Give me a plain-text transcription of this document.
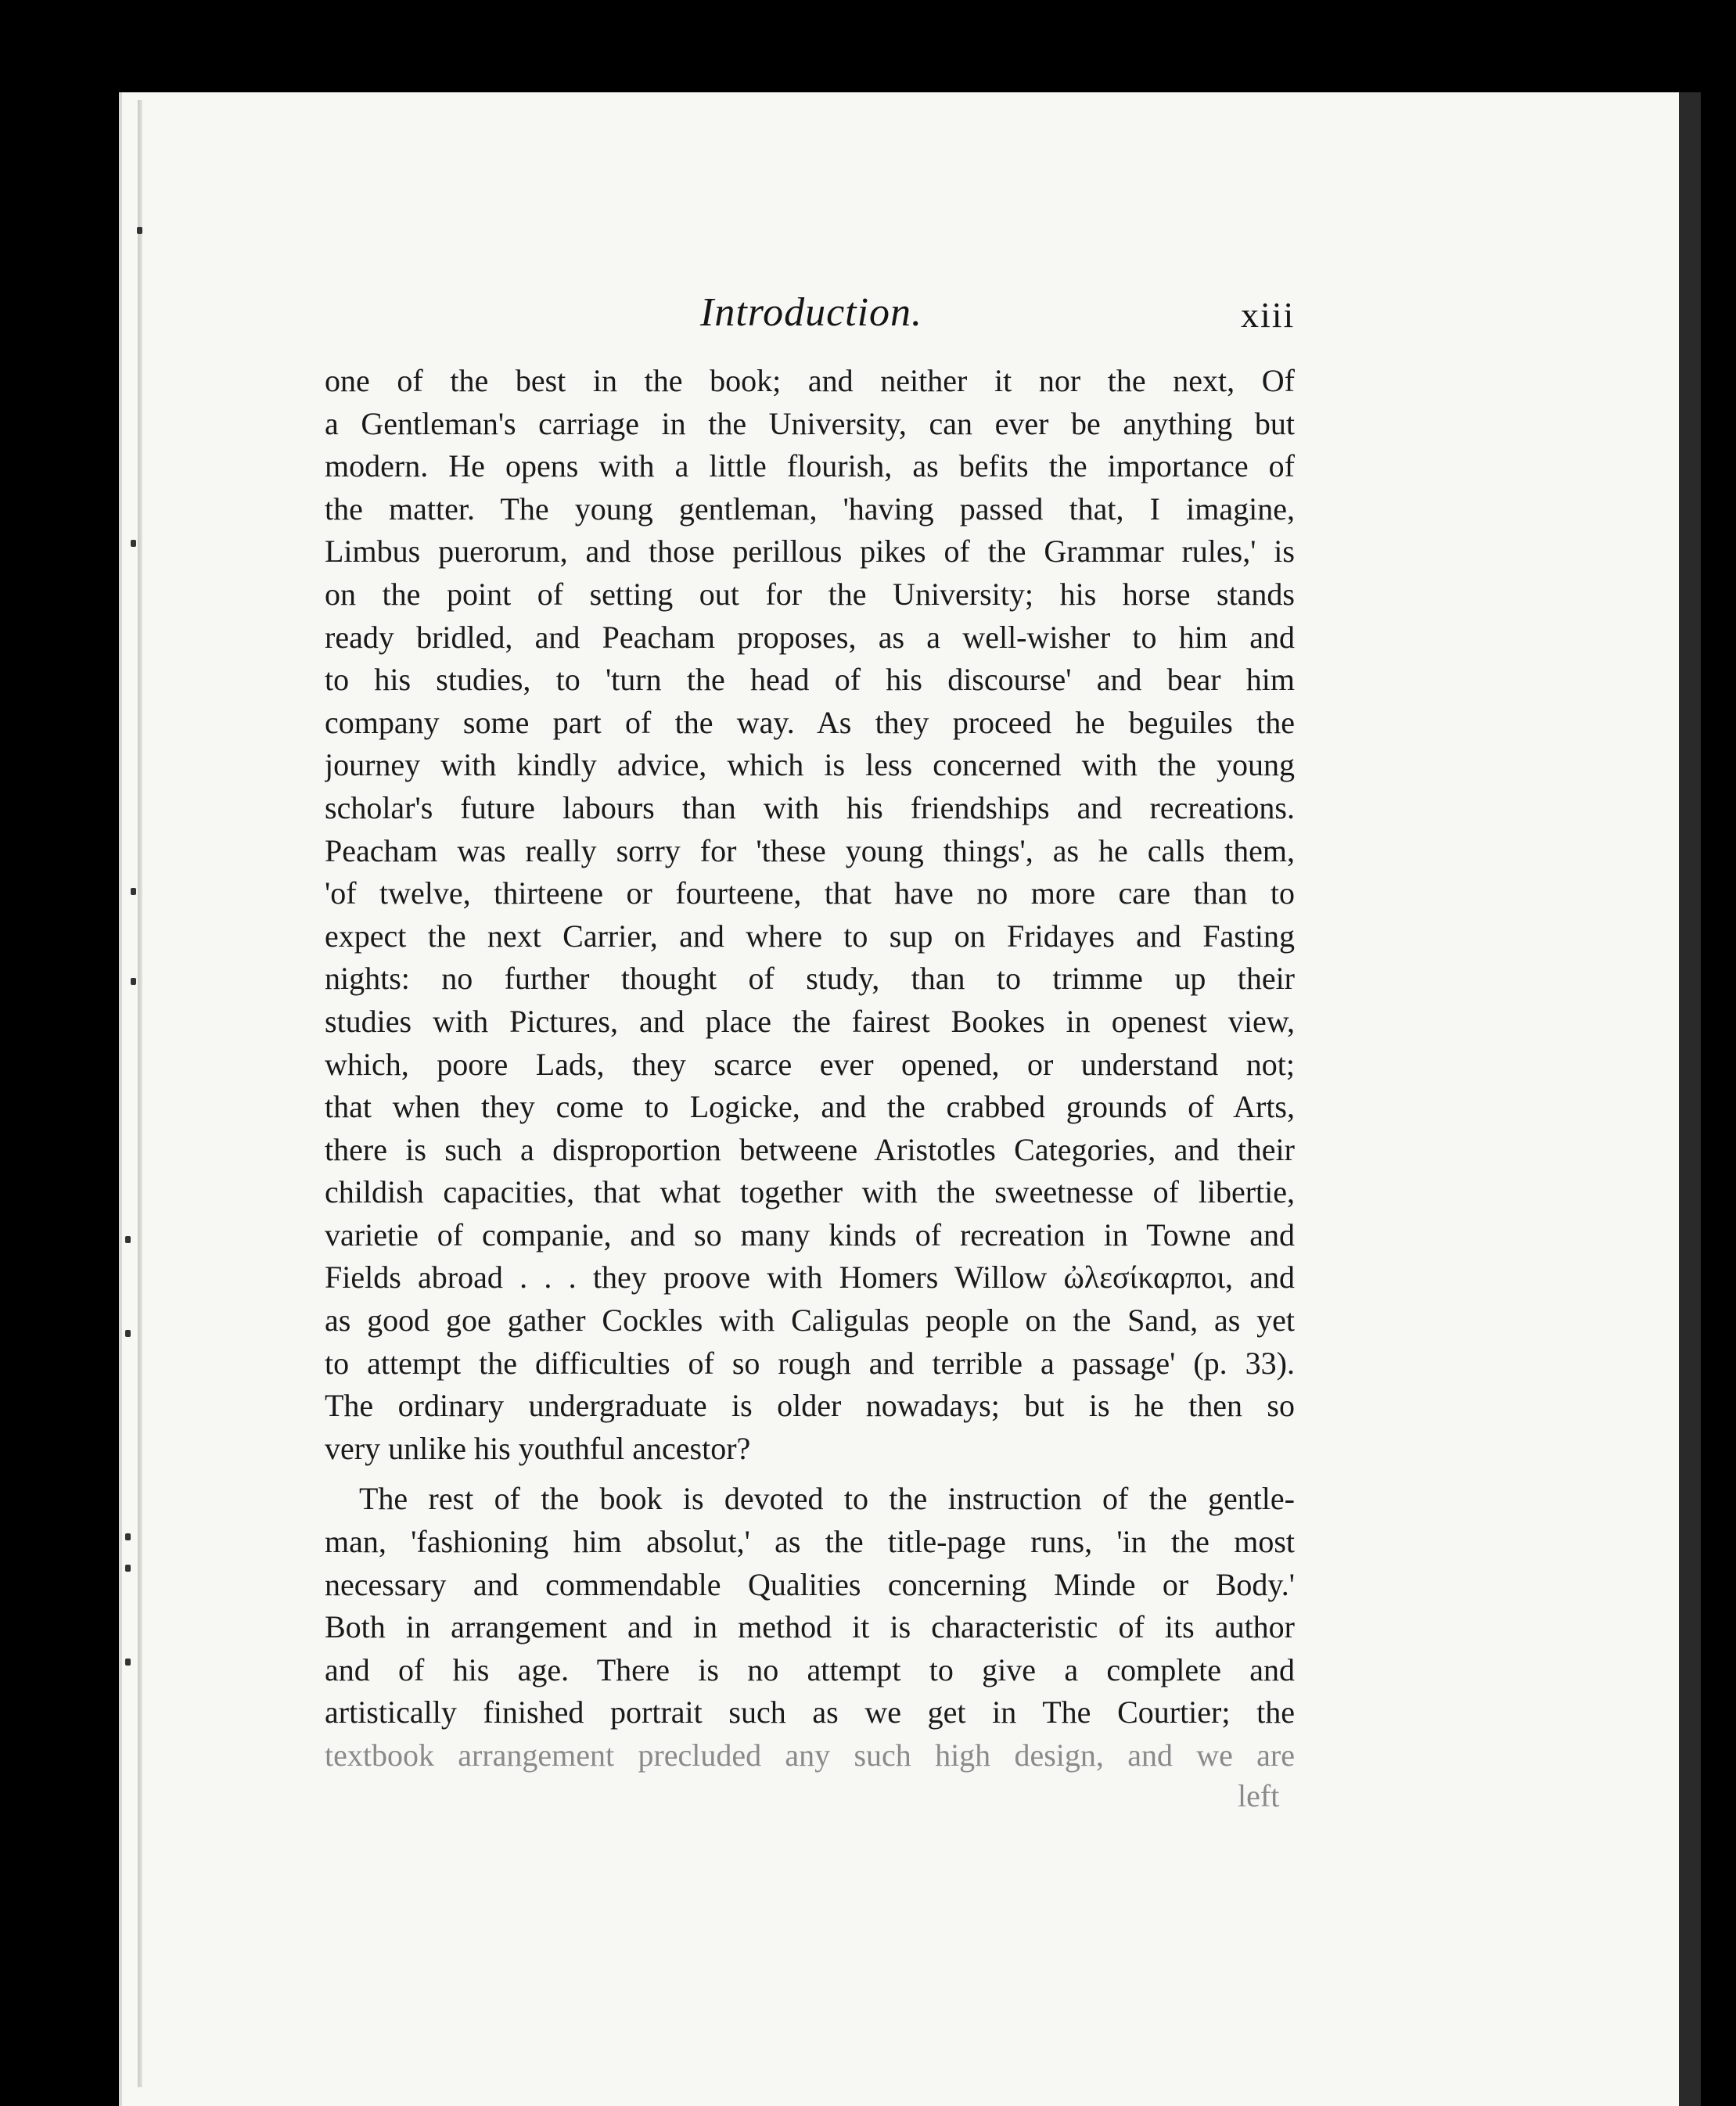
Introduction.	xiii
one of the best in the book; and neither it nor the next, Of
a Gentleman's carriage in the University, can ever be anything but
modern. He opens with a little flourish, as befits the importance of
the matter. The young gentleman, 'having passed that, I imagine,
Limbus puerorum, and those perillous pikes of the Grammar rules,' is
on the point of setting out for the University; his horse stands
ready bridled, and Peacham proposes, as a well-wisher to him and
to his studies, to 'turn the head of his discourse' and bear him
company some part of the way. As they proceed he beguiles the
journey with kindly advice, which is less concerned with the young
scholar's future labours than with his friendships and recreations.
Peacham was really sorry for 'these young things', as he calls them,
'of twelve, thirteene or fourteene, that have no more care than to
expect the next Carrier, and where to sup on Fridayes and Fasting
nights: no further thought of study, than to trimme up their
studies with Pictures, and place the fairest Bookes in openest view,
which, poore Lads, they scarce ever opened, or understand not;
that when they come to Logicke, and the crabbed grounds of Arts,
there is such a disproportion betweene Aristotles Categories, and their
childish capacities, that what together with the sweetnesse of libertie,
varietie of companie, and so many kinds of recreation in Towne and
Fields abroad . . . they proove with Homers Willow ὠλεσίκαρποι, and
as good goe gather Cockles with Caligulas people on the Sand, as yet
to attempt the difficulties of so rough and terrible a passage' (p. 33).
The ordinary undergraduate is older nowadays; but is he then so
very unlike his youthful ancestor?
The rest of the book is devoted to the instruction of the gentle-
man, 'fashioning him absolut,' as the title-page runs, 'in the most
necessary and commendable Qualities concerning Minde or Body.'
Both in arrangement and in method it is characteristic of its author
and of his age. There is no attempt to give a complete and
artistically finished portrait such as we get in The Courtier; the
textbook arrangement precluded any such high design, and we are
left
